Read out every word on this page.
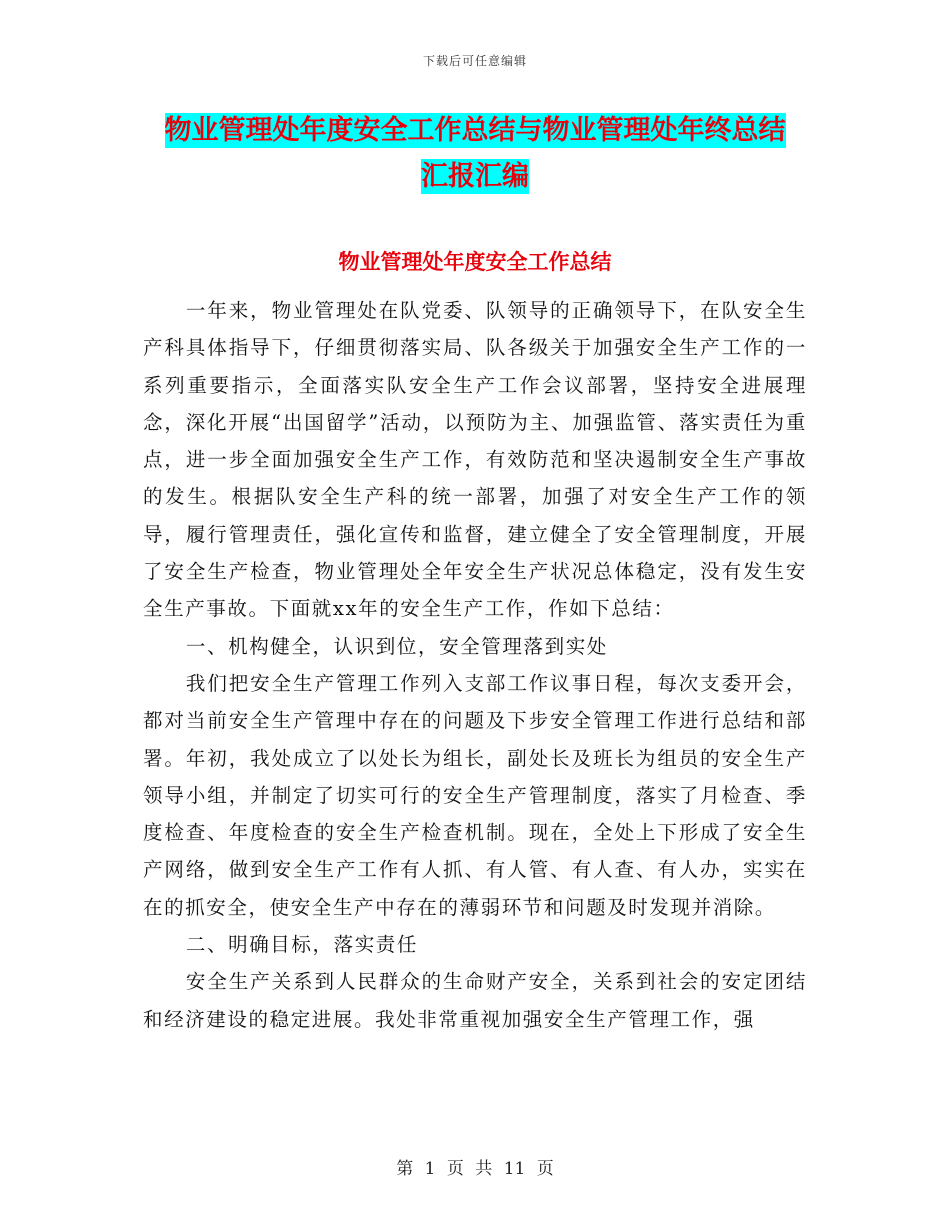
下载后可任意编辑
物业管理处年度安全工作总结与物业管理处年终总结
汇报汇编
物业管理处年度安全工作总结

一年来，物业管理处在队党委、队领导的正确领导下，在队安全生产科具体指导下，仔细贯彻落实局、队各级关于加强安全生产工作的一系列重要指示，全面落实队安全生产工作会议部署，坚持安全进展理念，深化开展“出国留学”活动，以预防为主、加强监管、落实责任为重点，进一步全面加强安全生产工作，有效防范和坚决遏制安全生产事故的发生。根据队安全生产科的统一部署，加强了对安全生产工作的领导，履行管理责任，强化宣传和监督，建立健全了安全管理制度，开展了安全生产检查，物业管理处全年安全生产状况总体稳定，没有发生安全生产事故。下面就xx年的安全生产工作，作如下总结：

一、机构健全，认识到位，安全管理落到实处

我们把安全生产管理工作列入支部工作议事日程，每次支委开会，都对当前安全生产管理中存在的问题及下步安全管理工作进行总结和部署。年初，我处成立了以处长为组长，副处长及班长为组员的安全生产领导小组，并制定了切实可行的安全生产管理制度，落实了月检查、季度检查、年度检查的安全生产检查机制。现在，全处上下形成了安全生产网络，做到安全生产工作有人抓、有人管、有人查、有人办，实实在在的抓安全，使安全生产中存在的薄弱环节和问题及时发现并消除。

二、明确目标，落实责任

安全生产关系到人民群众的生命财产安全，关系到社会的安定团结和经济建设的稳定进展。我处非常重视加强安全生产管理工作，强

第 1 页 共 11 页
